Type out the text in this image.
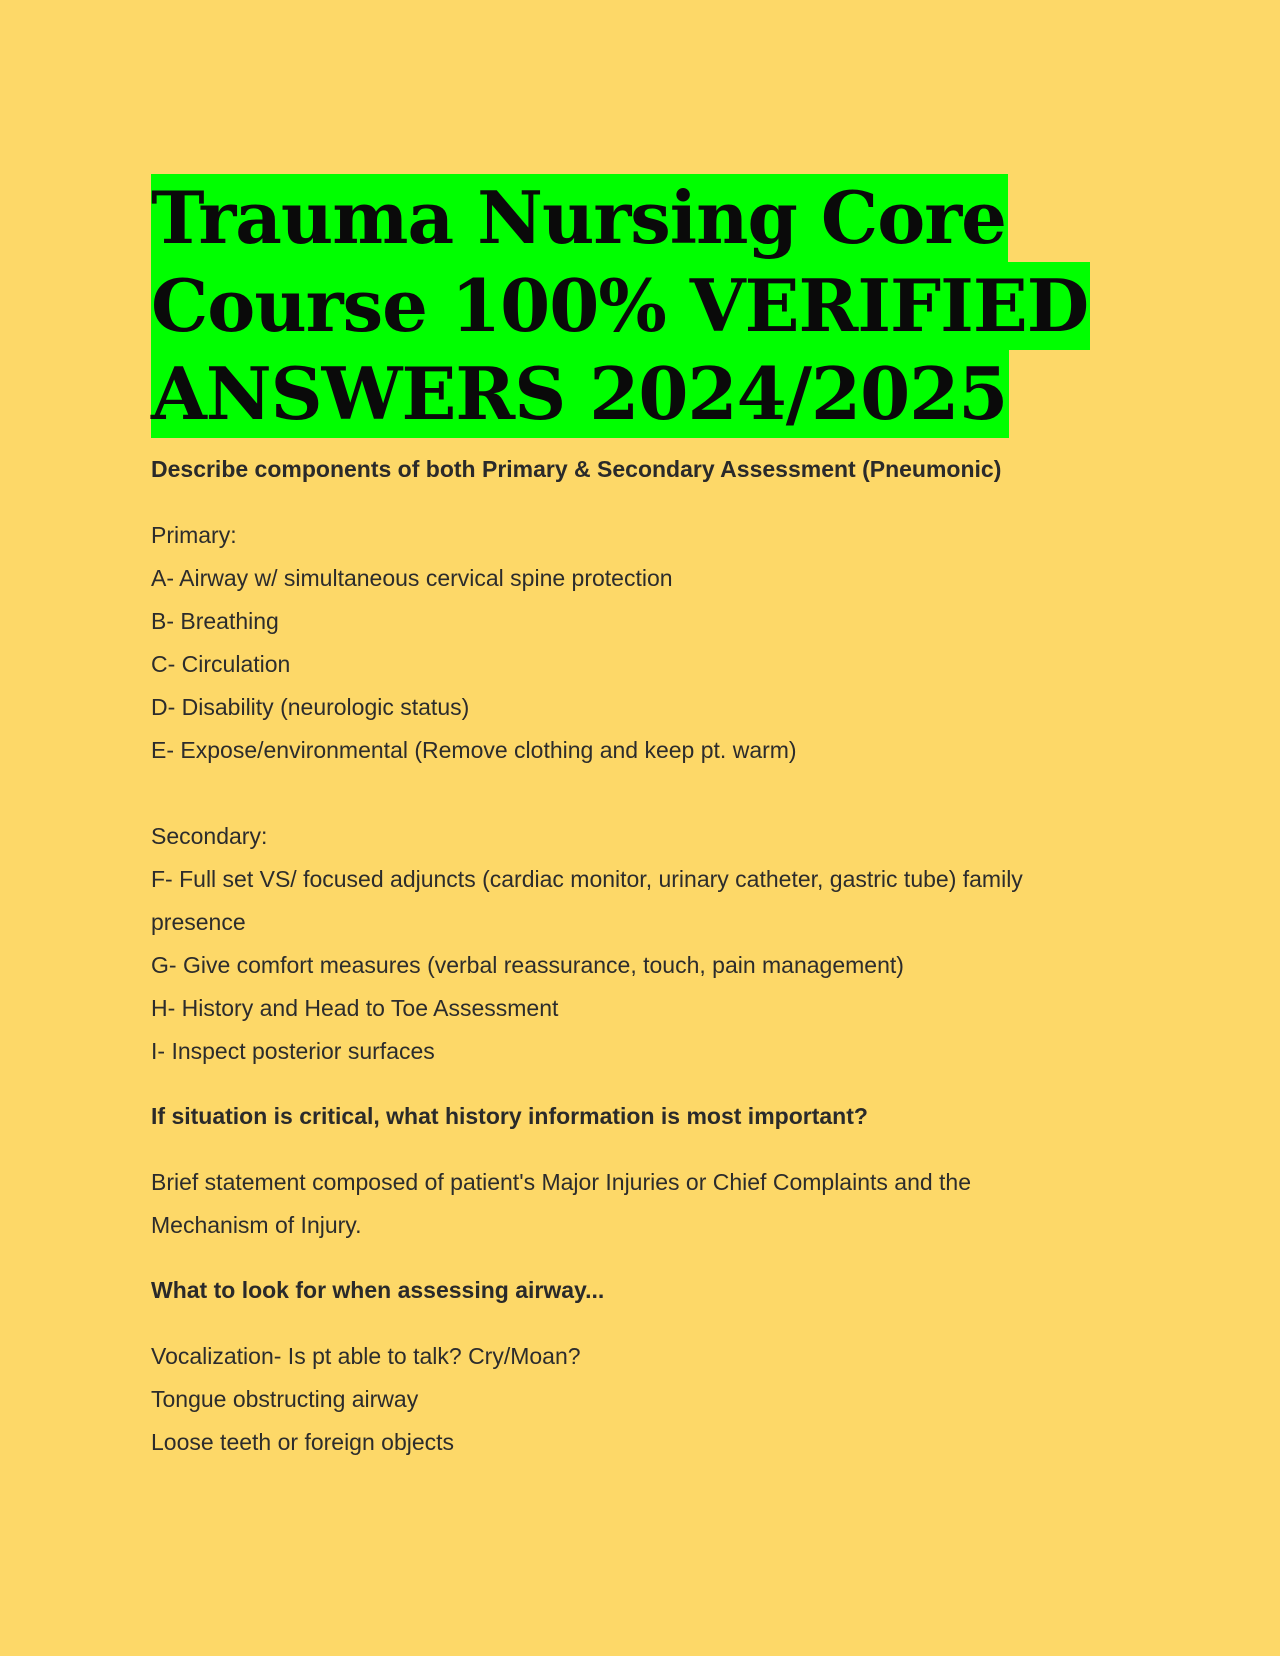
Trauma Nursing Core
Course 100% VERIFIED
ANSWERS 2024/2025

Describe components of both Primary & Secondary Assessment (Pneumonic)

Primary:
A- Airway w/ simultaneous cervical spine protection
B- Breathing
C- Circulation
D- Disability (neurologic status)
E- Expose/environmental (Remove clothing and keep pt. warm)
Secondary:
F- Full set VS/ focused adjuncts (cardiac monitor, urinary catheter, gastric tube) family
presence
G- Give comfort measures (verbal reassurance, touch, pain management)
H- History and Head to Toe Assessment
I- Inspect posterior surfaces

If situation is critical, what history information is most important?

Brief statement composed of patient's Major Injuries or Chief Complaints and the
Mechanism of Injury.

What to look for when assessing airway...

Vocalization- Is pt able to talk? Cry/Moan?
Tongue obstructing airway
Loose teeth or foreign objects
